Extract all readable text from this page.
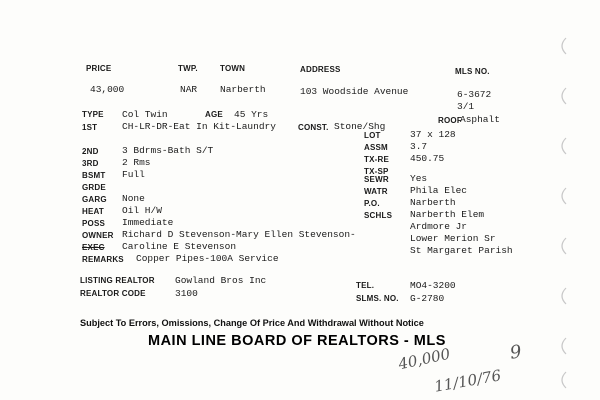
PRICE	TWP.	TOWN	ADDRESS	MLS NO.
43,000	NAR Narberth	103 Woodside Avenue	6-3672
3/1
TYPE Col Twin	AGE 45 Yrs
1ST	CH-LR-DR-Eat In Kit-Laundry	CONST. Stone/Shg
ROOF
Asphalt
2ND 3 Bdrms-Bath S/T
3RD 2 Rms
BSMT Full
GRDE
GARG None
HEAT Oil H/W
POSS Immediate
OWNER Richard D Stevenson-Mary Ellen Stevenson-
EXEC Caroline E Stevenson
REMARKS Copper Pipes-100A Service
LOT	37 x 128
ASSM 3.7
TX-RE 450.75
TX-SP
SEWR Yes
WATR Phila Elec
P.O.	Narberth
SCHLS Narberth Elem
Ardmore Jr
Lower Merion Sr
St Margaret Parish
LISTING REALTOR Gowland Bros Inc
REALTOR CODE	3100
TEL.	MO4-3200
SLMS. NO. G-2780
Subject To Errors, Omissions, Change Of Price And Withdrawal Without Notice
MAIN LINE BOARD OF REALTORS - MLS
40,000	9
11/10/76
